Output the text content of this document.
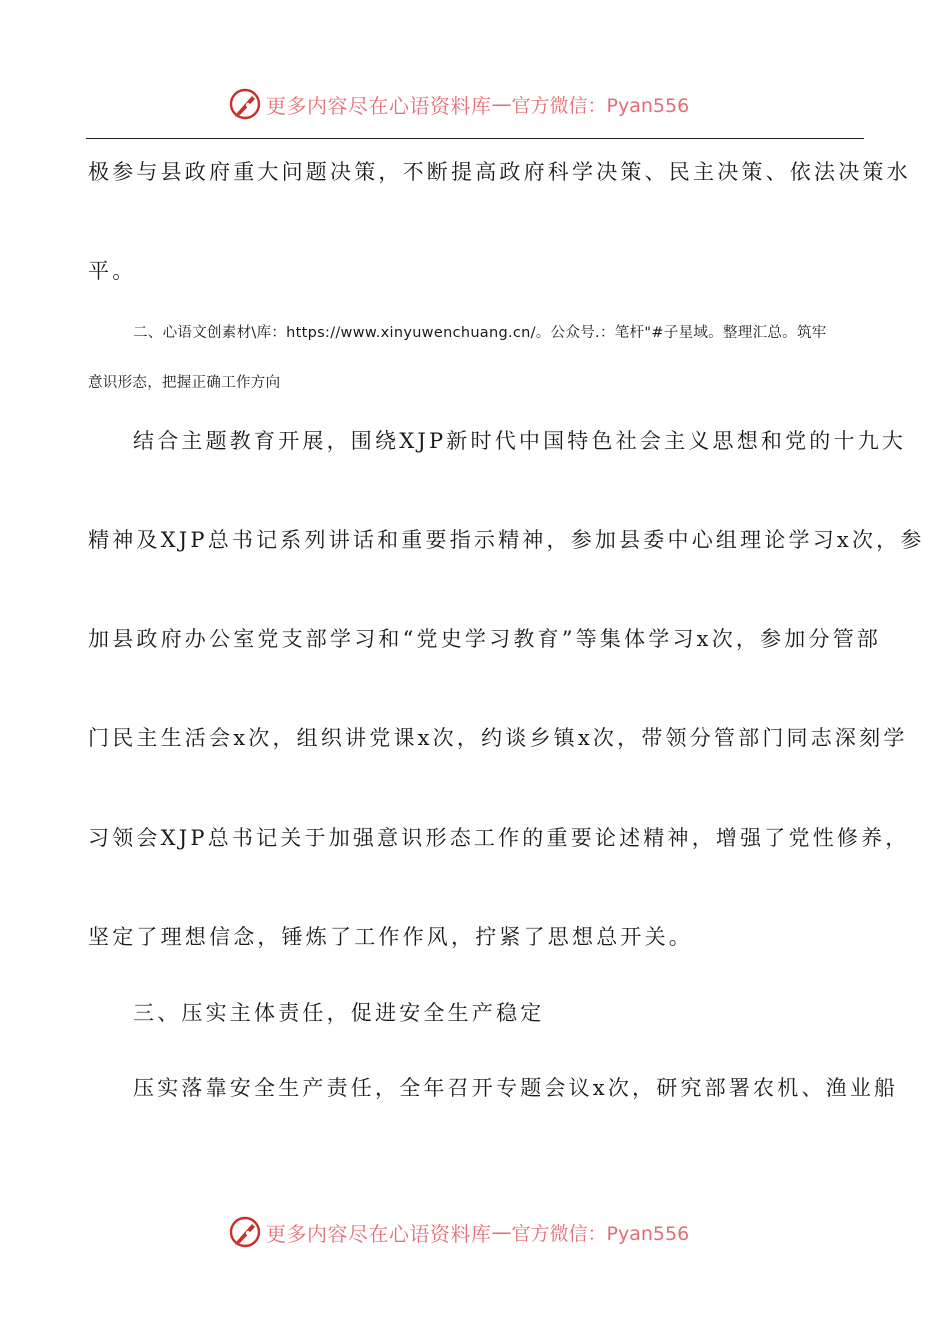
更多内容尽在心语资料库 — 官方微信：Pyan556
极参与县政府重大问题决策，不断提高政府科学决策、民主决策、依法决策水
平。
二、心语文创素材\库：https://www.xinyuwenchuang.cn/。公众号.：笔杆"#子星域。整理汇总。筑牢
意识形态，把握正确工作方向
结合主题教育开展，围绕XJP新时代中国特色社会主义思想和党的十九大
精神及XJP总书记系列讲话和重要指示精神，参加县委中心组理论学习x次，参
加县政府办公室党支部学习和“党史学习教育”等集体学习x次，参加分管部
门民主生活会x次，组织讲党课x次，约谈乡镇x次，带领分管部门同志深刻学
习领会XJP总书记关于加强意识形态工作的重要论述精神，增强了党性修养，
坚定了理想信念，锤炼了工作作风，拧紧了思想总开关。
三、压实主体责任，促进安全生产稳定
压实落靠安全生产责任，全年召开专题会议x次，研究部署农机、渔业船
更多内容尽在心语资料库 — 官方微信：Pyan556
